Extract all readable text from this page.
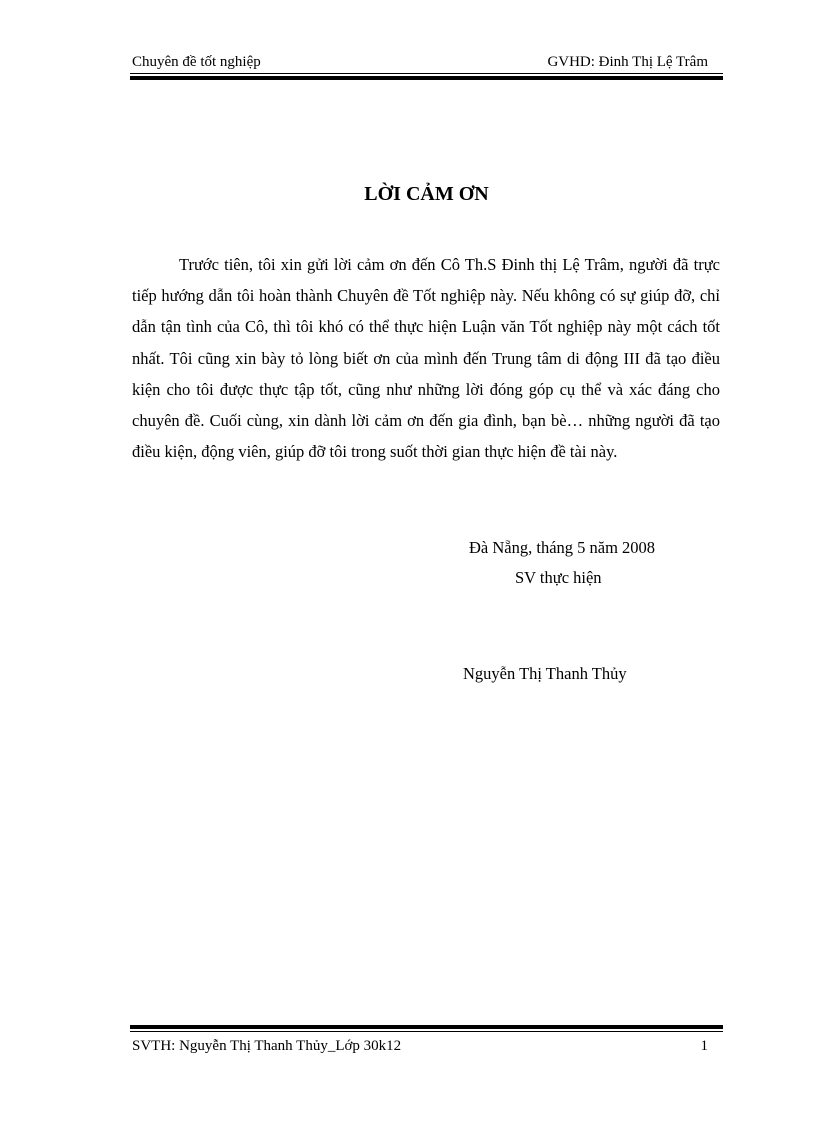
Chuyên đề tốt nghiệp	GVHD: Đinh Thị Lệ Trâm
LỜI CẢM ƠN

Trước tiên, tôi xin gửi lời cảm ơn đến Cô Th.S Đinh thị Lệ Trâm, người đã trực tiếp hướng dẫn tôi hoàn thành Chuyên đề Tốt nghiệp này. Nếu không có sự giúp đỡ, chỉ dẫn tận tình của Cô, thì tôi khó có thể thực hiện Luận văn Tốt nghiệp này một cách tốt nhất. Tôi cũng xin bày tỏ lòng biết ơn của mình đến Trung tâm di động III đã tạo điều kiện cho tôi được thực tập tốt, cũng như những lời đóng góp cụ thể và xác đáng cho chuyên đề. Cuối cùng, xin dành lời cảm ơn đến gia đình, bạn bè… những người đã tạo điều kiện, động viên, giúp đỡ tôi trong suốt thời gian thực hiện đề tài này.

Đà Nẵng, tháng 5 năm 2008
SV thực hiện
Nguyễn Thị Thanh Thủy
SVTH: Nguyễn Thị Thanh Thủy_Lớp 30k12	1
